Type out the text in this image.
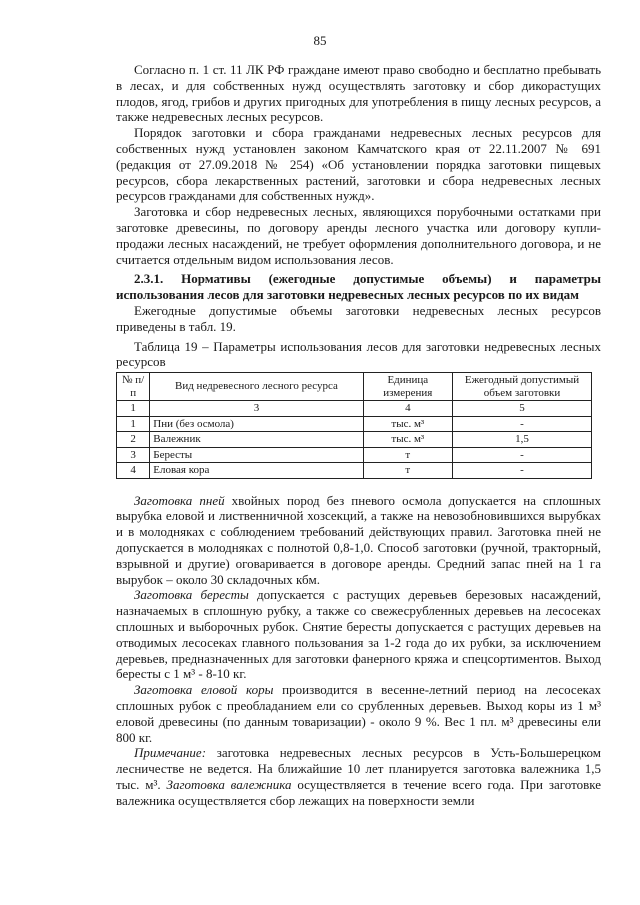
85

Согласно п. 1 ст. 11 ЛК РФ граждане имеют право свободно и бесплатно пребывать в лесах, и для собственных нужд осуществлять заготовку и сбор дикорастущих плодов, ягод, грибов и других пригодных для употребления в пищу лесных ресурсов, а также недревесных лесных ресурсов.

Порядок заготовки и сбора гражданами недревесных лесных ресурсов для собственных нужд установлен законом Камчатского края от 22.11.2007 № 691 (редакция от 27.09.2018 № 254) «Об установлении порядка заготовки пищевых ресурсов, сбора лекарственных растений, заготовки и сбора недревесных лесных ресурсов гражданами для собственных нужд».

Заготовка и сбор недревесных лесных, являющихся порубочными остатками при заготовке древесины, по договору аренды лесного участка или договору купли-продажи лесных насаждений, не требует оформления дополнительного договора, и не считается отдельным видом использования лесов.

2.3.1. Нормативы (ежегодные допустимые объемы) и параметры использования лесов для заготовки недревесных лесных ресурсов по их видам

Ежегодные допустимые объемы заготовки недревесных лесных ресурсов приведены в табл. 19.

Таблица 19 – Параметры использования лесов для заготовки недревесных лесных ресурсов

№ п/п	Вид недревесного лесного ресурса	Единица измерения	Ежегодный допустимый объем заготовки
1	3	4	5
1	Пни (без осмола)	тыс. м³	-
2	Валежник	тыс. м³	1,5
3	Бересты	т	-
4	Еловая кора	т	-

Заготовка пней хвойных пород без пневого осмола допускается на сплошных вырубка еловой и лиственничной хозсекций, а также на невозобновившихся вырубках и в молодняках с соблюдением требований действующих правил. Заготовка пней не допускается в молодняках с полнотой 0,8-1,0. Способ заготовки (ручной, тракторный, взрывной и другие) оговаривается в договоре аренды. Средний запас пней на 1 га вырубок – около 30 складочных кбм.

Заготовка бересты допускается с растущих деревьев березовых насаждений, назначаемых в сплошную рубку, а также со свежесрубленных деревьев на лесосеках сплошных и выборочных рубок. Снятие бересты допускается с растущих деревьев на отводимых лесосеках главного пользования за 1-2 года до их рубки, за исключением деревьев, предназначенных для заготовки фанерного кряжа и спецсортиментов. Выход бересты с 1 м³ - 8-10 кг.

Заготовка еловой коры производится в весенне-летний период на лесосеках сплошных рубок с преобладанием ели со срубленных деревьев. Выход коры из 1 м³ еловой древесины (по данным товаризации) - около 9 %. Вес 1 пл. м³ древесины ели 800 кг.

Примечание: заготовка недревесных лесных ресурсов в Усть-Большерецком лесничестве не ведется. На ближайшие 10 лет планируется заготовка валежника 1,5 тыс. м³. Заготовка валежника осуществляется в течение всего года. При заготовке валежника осуществляется сбор лежащих на поверхности земли
